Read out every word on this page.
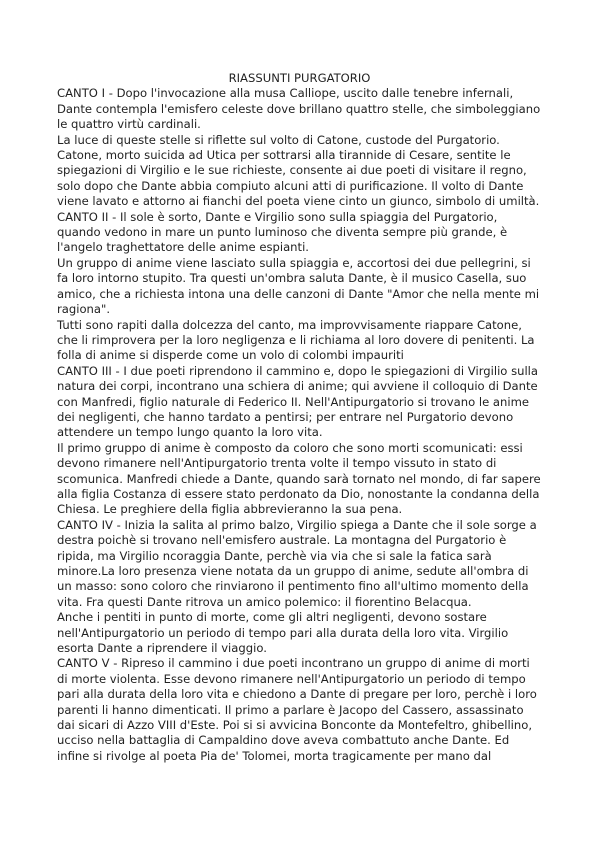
RIASSUNTI PURGATORIO

CANTO I - Dopo l'invocazione alla musa Calliope, uscito dalle tenebre infernali, Dante contempla l'emisfero celeste dove brillano quattro stelle, che simboleggiano le quattro virtù cardinali.

La luce di queste stelle si riflette sul volto di Catone, custode del Purgatorio. Catone, morto suicida ad Utica per sottrarsi alla tirannide di Cesare, sentite le spiegazioni di Virgilio e le sue richieste, consente ai due poeti di visitare il regno, solo dopo che Dante abbia compiuto alcuni atti di purificazione. Il volto di Dante viene lavato e attorno ai fianchi del poeta viene cinto un giunco, simbolo di umiltà.

CANTO II - Il sole è sorto, Dante e Virgilio sono sulla spiaggia del Purgatorio, quando vedono in mare un punto luminoso che diventa sempre più grande, è l'angelo traghettatore delle anime espianti.

Un gruppo di anime viene lasciato sulla spiaggia e, accortosi dei due pellegrini, si fa loro intorno stupito. Tra questi un'ombra saluta Dante, è il musico Casella, suo amico, che a richiesta intona una delle canzoni di Dante "Amor che nella mente mi ragiona".

Tutti sono rapiti dalla dolcezza del canto, ma improvvisamente riappare Catone, che li rimprovera per la loro negligenza e li richiama al loro dovere di penitenti. La folla di anime si disperde come un volo di colombi impauriti

CANTO III - I due poeti riprendono il cammino e, dopo le spiegazioni di Virgilio sulla natura dei corpi, incontrano una schiera di anime; qui avviene il colloquio di Dante con Manfredi, figlio naturale di Federico II. Nell'Antipurgatorio si trovano le anime dei negligenti, che hanno tardato a pentirsi; per entrare nel Purgatorio devono attendere un tempo lungo quanto la loro vita.

Il primo gruppo di anime è composto da coloro che sono morti scomunicati: essi devono rimanere nell'Antipurgatorio trenta volte il tempo vissuto in stato di scomunica. Manfredi chiede a Dante, quando sarà tornato nel mondo, di far sapere alla figlia Costanza di essere stato perdonato da Dio, nonostante la condanna della Chiesa. Le preghiere della figlia abbrevieranno la sua pena.

CANTO IV - Inizia la salita al primo balzo, Virgilio spiega a Dante che il sole sorge a destra poichè si trovano nell'emisfero australe. La montagna del Purgatorio è ripida, ma Virgilio ncoraggia Dante, perchè via via che si sale la fatica sarà minore.La loro presenza viene notata da un gruppo di anime, sedute all'ombra di un masso: sono coloro che rinviarono il pentimento fino all'ultimo momento della vita. Fra questi Dante ritrova un amico polemico: il fiorentino Belacqua.

Anche i pentiti in punto di morte, come gli altri negligenti, devono sostare nell'Antipurgatorio un periodo di tempo pari alla durata della loro vita. Virgilio esorta Dante a riprendere il viaggio.

CANTO V - Ripreso il cammino i due poeti incontrano un gruppo di anime di morti di morte violenta. Esse devono rimanere nell'Antipurgatorio un periodo di tempo pari alla durata della loro vita e chiedono a Dante di pregare per loro, perchè i loro parenti li hanno dimenticati. Il primo a parlare è Jacopo del Cassero, assassinato dai sicari di Azzo VIII d'Este. Poi si si avvicina Bonconte da Montefeltro, ghibellino, ucciso nella battaglia di Campaldino dove aveva combattuto anche Dante. Ed infine si rivolge al poeta Pia de' Tolomei, morta tragicamente per mano dal
